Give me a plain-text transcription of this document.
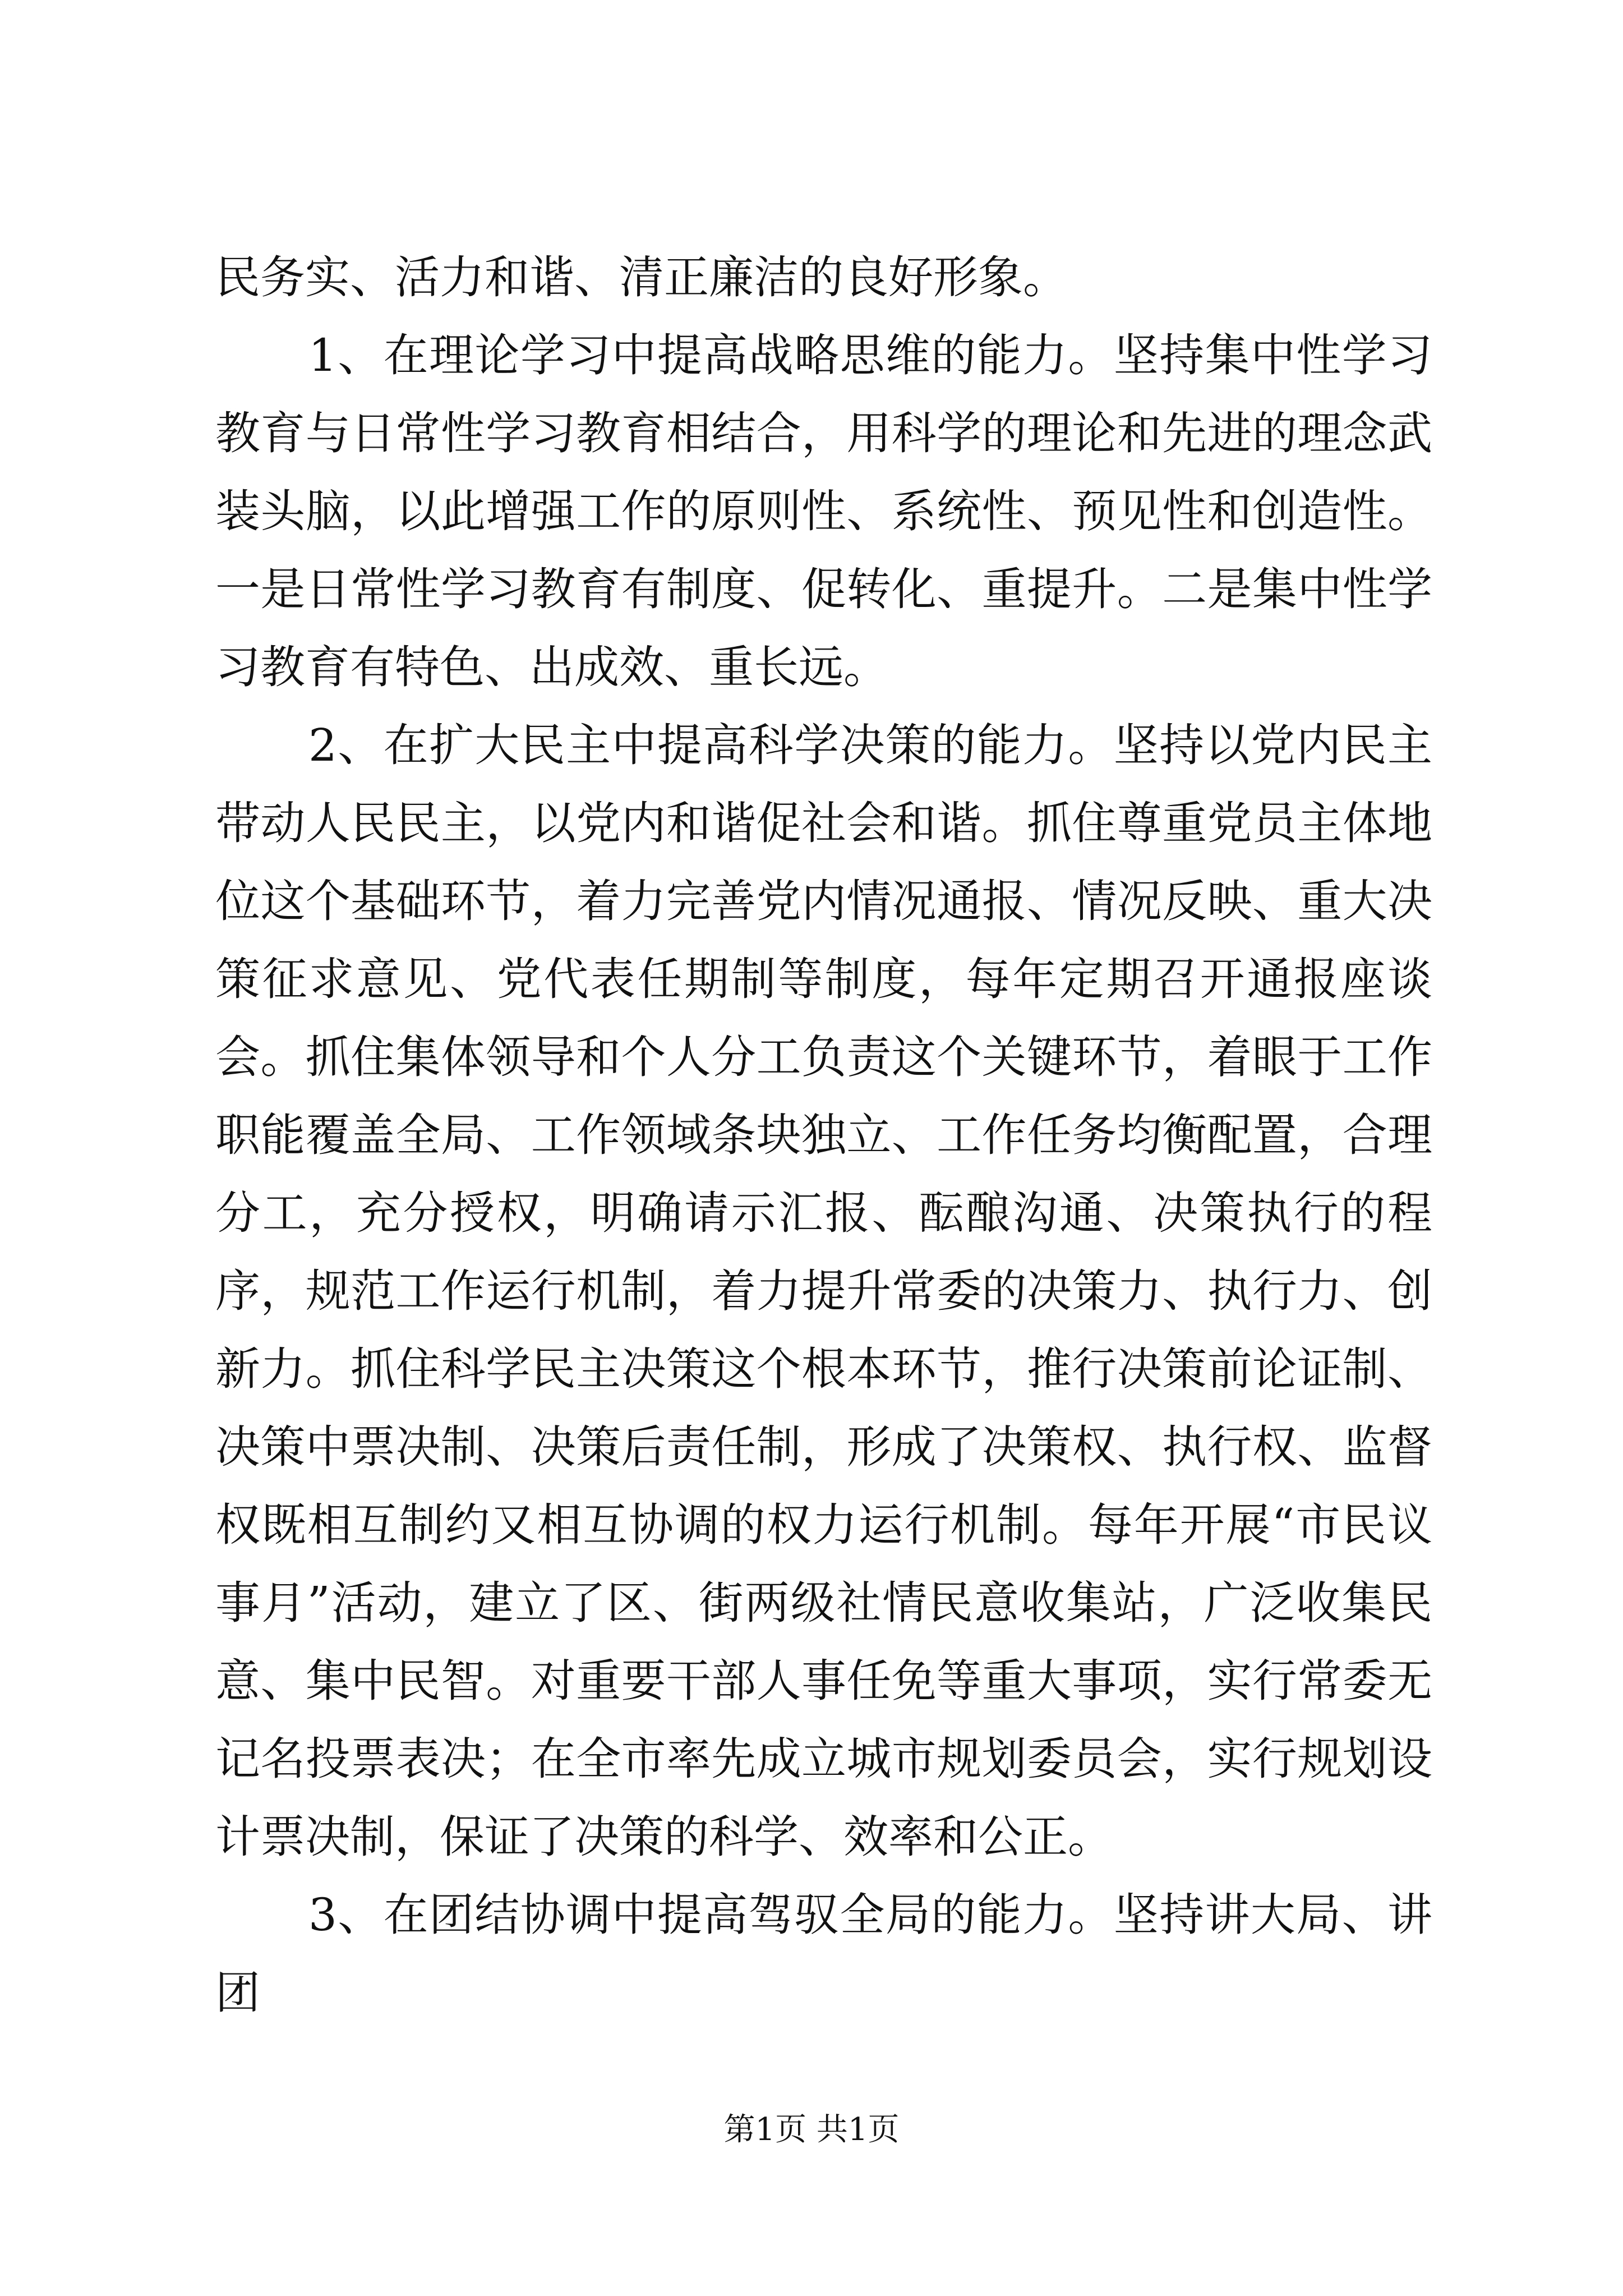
民务实、活力和谐、清正廉洁的良好形象。

1、在理论学习中提高战略思维的能力。坚持集中性学习教育与日常性学习教育相结合，用科学的理论和先进的理念武装头脑，以此增强工作的原则性、系统性、预见性和创造性。一是日常性学习教育有制度、促转化、重提升。二是集中性学习教育有特色、出成效、重长远。

2、在扩大民主中提高科学决策的能力。坚持以党内民主带动人民民主，以党内和谐促社会和谐。抓住尊重党员主体地位这个基础环节，着力完善党内情况通报、情况反映、重大决策征求意见、党代表任期制等制度，每年定期召开通报座谈会。抓住集体领导和个人分工负责这个关键环节，着眼于工作职能覆盖全局、工作领域条块独立、工作任务均衡配置，合理分工，充分授权，明确请示汇报、酝酿沟通、决策执行的程序，规范工作运行机制，着力提升常委的决策力、执行力、创新力。抓住科学民主决策这个根本环节，推行决策前论证制、决策中票决制、决策后责任制，形成了决策权、执行权、监督权既相互制约又相互协调的权力运行机制。每年开展“市民议事月”活动，建立了区、街两级社情民意收集站，广泛收集民意、集中民智。对重要干部人事任免等重大事项，实行常委无记名投票表决；在全市率先成立城市规划委员会，实行规划设计票决制，保证了决策的科学、效率和公正。

3、在团结协调中提高驾驭全局的能力。坚持讲大局、讲团

第1页 共1页
